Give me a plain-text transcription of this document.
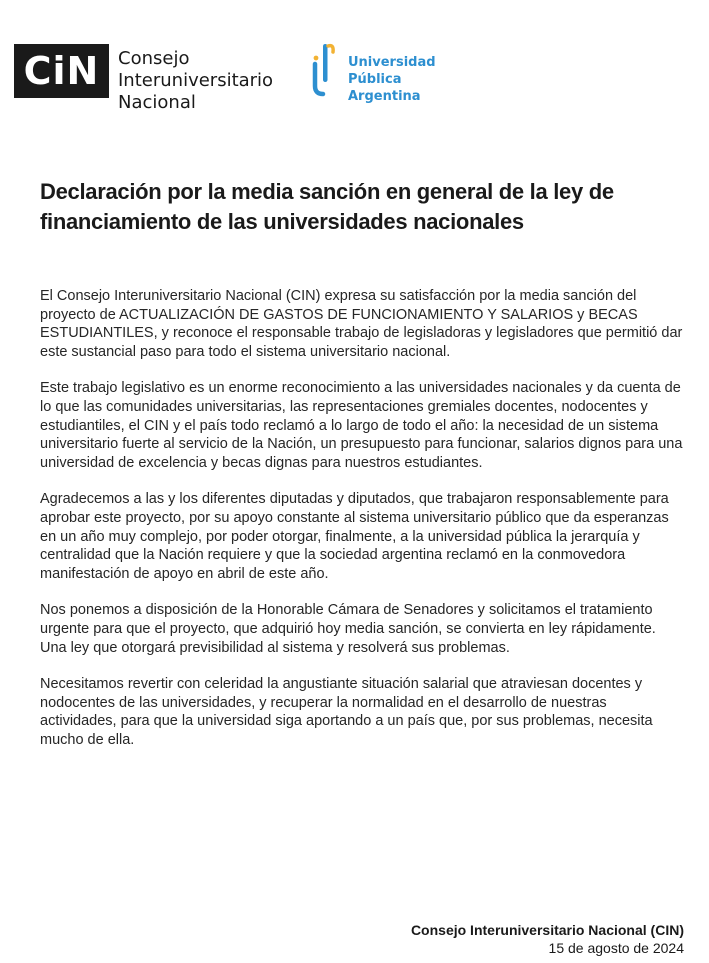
CiN Consejo
Interuniversitario
Nacional
Universidad
Pública
Argentina
Declaración por la media sanción en general de la ley de
financiamiento de las universidades nacionales

El Consejo Interuniversitario Nacional (CIN) expresa su satisfacción por la media sanción del proyecto de ACTUALIZACIÓN DE GASTOS DE FUNCIONAMIENTO Y SALARIOS y BECAS ESTUDIANTILES, y reconoce el responsable trabajo de legisladoras y legisladores que permitió dar este sustancial paso para todo el sistema universitario nacional.

Este trabajo legislativo es un enorme reconocimiento a las universidades nacionales y da cuenta de lo que las comunidades universitarias, las representaciones gremiales docentes, nodocentes y estudiantiles, el CIN y el país todo reclamó a lo largo de todo el año: la necesidad de un sistema universitario fuerte al servicio de la Nación, un presupuesto para funcionar, salarios dignos para una universidad de excelencia y becas dignas para nuestros estudiantes.

Agradecemos a las y los diferentes diputadas y diputados, que trabajaron responsablemente para aprobar este proyecto, por su apoyo constante al sistema universitario público que da esperanzas en un año muy complejo, por poder otorgar, finalmente, a la universidad pública la jerarquía y centralidad que la Nación requiere y que la sociedad argentina reclamó en la conmovedora manifestación de apoyo en abril de este año.

Nos ponemos a disposición de la Honorable Cámara de Senadores y solicitamos el tratamiento urgente para que el proyecto, que adquirió hoy media sanción, se convierta en ley rápidamente. Una ley que otorgará previsibilidad al sistema y resolverá sus problemas.

Necesitamos revertir con celeridad la angustiante situación salarial que atraviesan docentes y nodocentes de las universidades, y recuperar la normalidad en el desarrollo de nuestras actividades, para que la universidad siga aportando a un país que, por sus problemas, necesita mucho de ella.

Consejo Interuniversitario Nacional (CIN)
15 de agosto de 2024
